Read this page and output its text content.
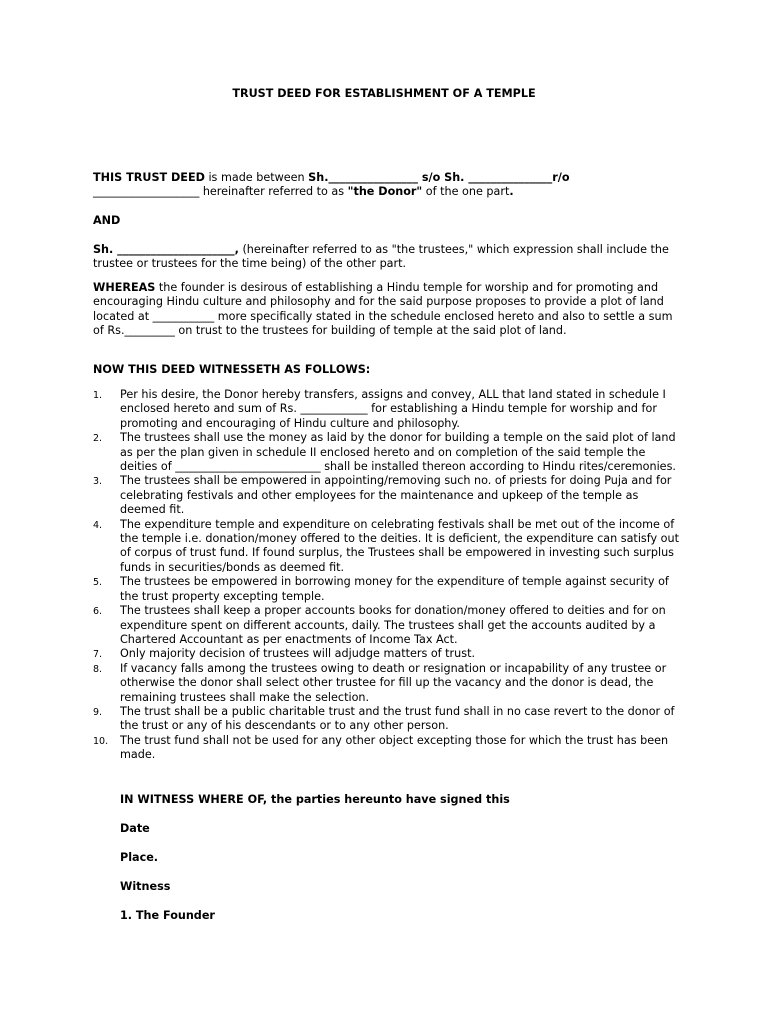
TRUST DEED FOR ESTABLISHMENT OF A TEMPLE

THIS TRUST DEED is made between Sh.________________ s/o Sh. _______________r/o
___________________ hereinafter referred to as "the Donor" of the one part.

AND

Sh. _____________________, (hereinafter referred to as "the trustees," which expression shall include the trustee or trustees for the time being) of the other part.

WHEREAS the founder is desirous of establishing a Hindu temple for worship and for promoting and encouraging Hindu culture and philosophy and for the said purpose proposes to provide a plot of land located at ___________ more specifically stated in the schedule enclosed hereto and also to settle a sum of Rs._________ on trust to the trustees for building of temple at the said plot of land.

NOW THIS DEED WITNESSETH AS FOLLOWS:

1. Per his desire, the Donor hereby transfers, assigns and convey, ALL that land stated in schedule I enclosed hereto and sum of Rs. ____________ for establishing a Hindu temple for worship and for promoting and encouraging of Hindu culture and philosophy.
2. The trustees shall use the money as laid by the donor for building a temple on the said plot of land as per the plan given in schedule II enclosed hereto and on completion of the said temple the deities of __________________________ shall be installed thereon according to Hindu rites/ceremonies.
3. The trustees shall be empowered in appointing/removing such no. of priests for doing Puja and for celebrating festivals and other employees for the maintenance and upkeep of the temple as deemed fit.
4. The expenditure temple and expenditure on celebrating festivals shall be met out of the income of the temple i.e. donation/money offered to the deities. It is deficient, the expenditure can satisfy out of corpus of trust fund. If found surplus, the Trustees shall be empowered in investing such surplus funds in securities/bonds as deemed fit.
5. The trustees be empowered in borrowing money for the expenditure of temple against security of the trust property excepting temple.
6. The trustees shall keep a proper accounts books for donation/money offered to deities and for on expenditure spent on different accounts, daily. The trustees shall get the accounts audited by a Chartered Accountant as per enactments of Income Tax Act.
7. Only majority decision of trustees will adjudge matters of trust.
8. If vacancy falls among the trustees owing to death or resignation or incapability of any trustee or otherwise the donor shall select other trustee for fill up the vacancy and the donor is dead, the remaining trustees shall make the selection.
9. The trust shall be a public charitable trust and the trust fund shall in no case revert to the donor of the trust or any of his descendants or to any other person.
10. The trust fund shall not be used for any other object excepting those for which the trust has been made.

IN WITNESS WHERE OF, the parties hereunto have signed this

Date

Place.

Witness

1. The Founder
